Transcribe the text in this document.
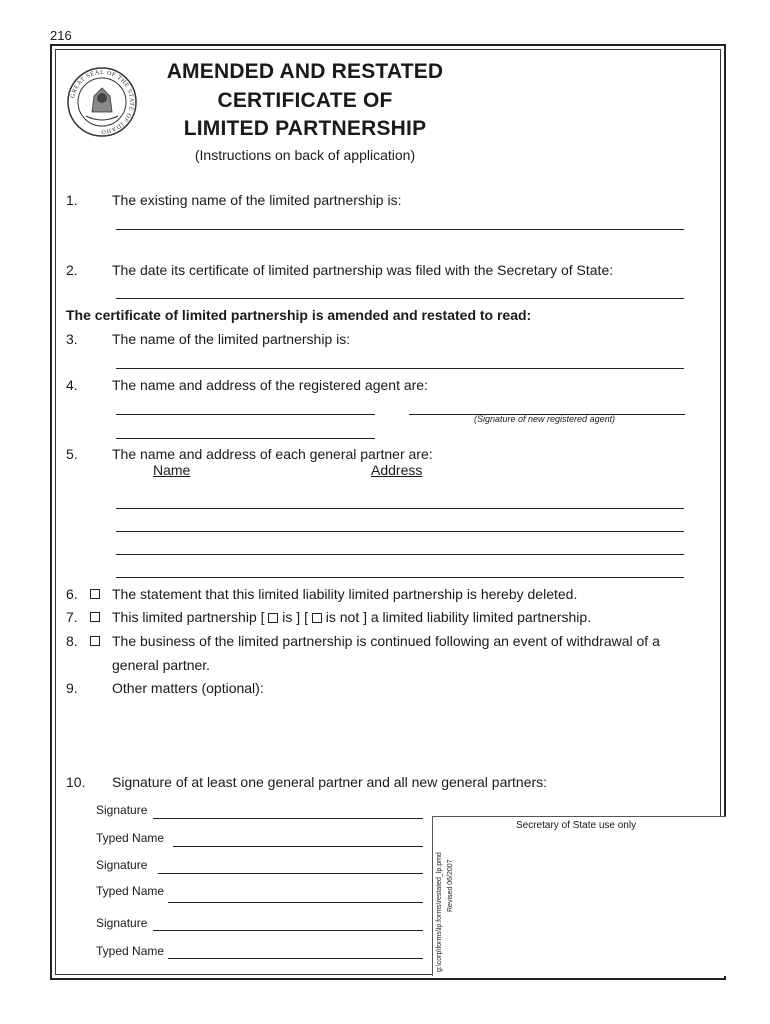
216
GREAT SEAL OF THE STATE OF IDAHO
AMENDED AND RESTATED
CERTIFICATE OF
LIMITED PARTNERSHIP
(Instructions on back of application)
1. The existing name of the limited partnership is:
2. The date its certificate of limited partnership was filed with the Secretary of State:
The certificate of limited partnership is amended and restated to read:
3. The name of the limited partnership is:
4. The name and address of the registered agent are:
(Signature of new registered agent)
5. The name and address of each general partner are:
Name	Address
6. The statement that this limited liability limited partnership is hereby deleted.
7. This limited partnership [ is ] [ is not ] a limited liability limited partnership.
8. The business of the limited partnership is continued following an event of withdrawal of a
general partner.
9. Other matters (optional):
10. Signature of at least one general partner and all new general partners:
Signature
Typed Name
Signature
Typed Name
Signature
Typed Name
Secretary of State use only
g:\corp\forms\lp.forms\restated_lp.pmd Revised 06/2007
